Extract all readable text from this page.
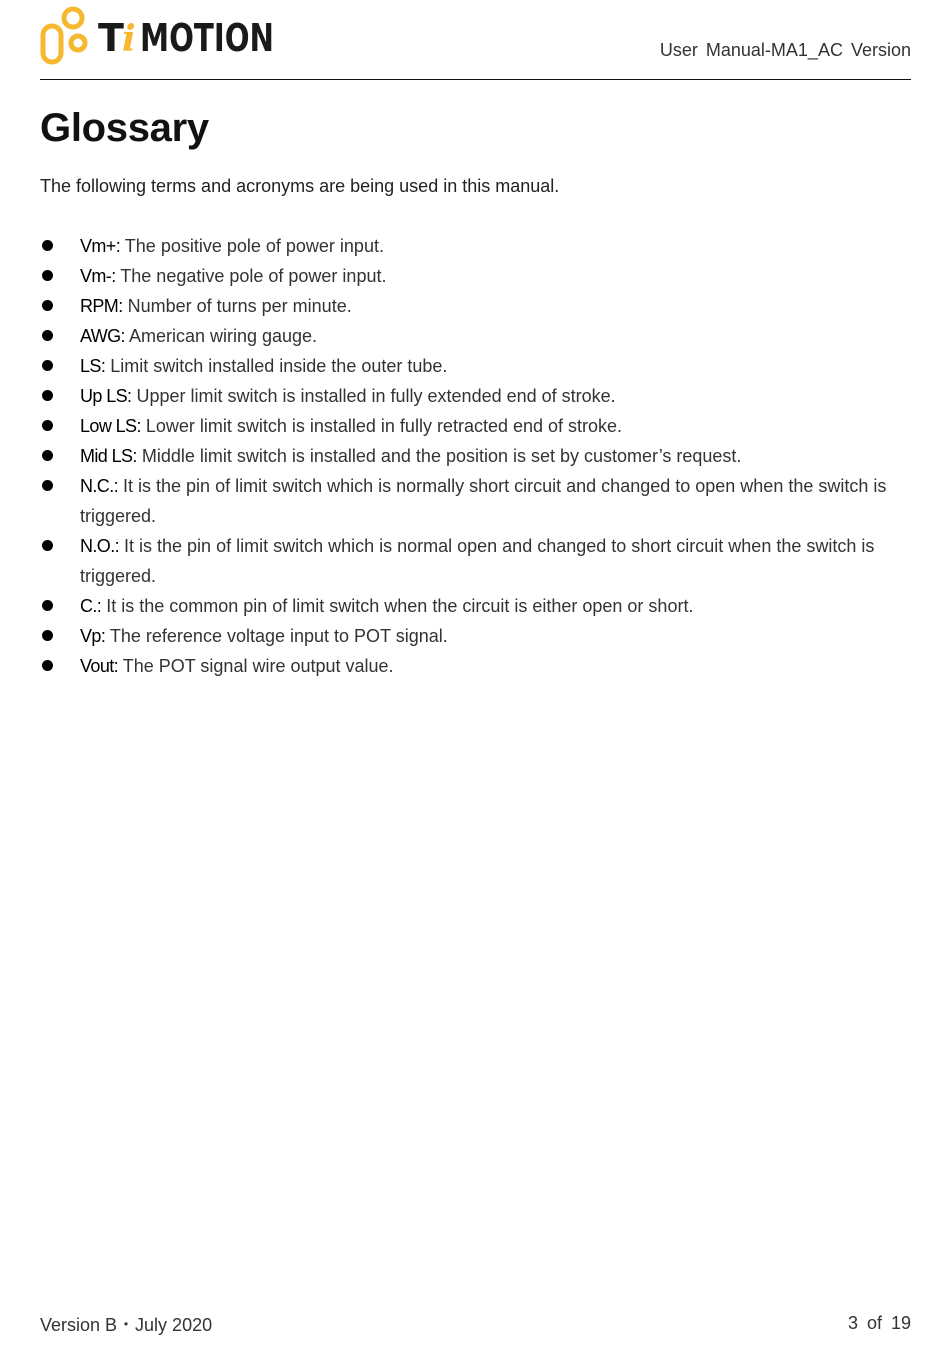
T
i MOTION	User Manual-MA1_AC Version
Glossary

The following terms and acronyms are being used in this manual.

Vm+: The positive pole of power input.
Vm-: The negative pole of power input.
RPM: Number of turns per minute.
AWG: American wiring gauge.
LS: Limit switch installed inside the outer tube.
Up LS: Upper limit switch is installed in fully extended end of stroke.
Low LS: Lower limit switch is installed in fully retracted end of stroke.
Mid LS: Middle limit switch is installed and the position is set by customer’s request.
N.C.: It is the pin of limit switch which is normally short circuit and changed to open when the switch is triggered.
N.O.: It is the pin of limit switch which is normal open and changed to short circuit when the switch is triggered.
C.: It is the common pin of limit switch when the circuit is either open or short.
Vp: The reference voltage input to POT signal.
Vout: The POT signal wire output value.
Version B・July 2020	3 of 19
